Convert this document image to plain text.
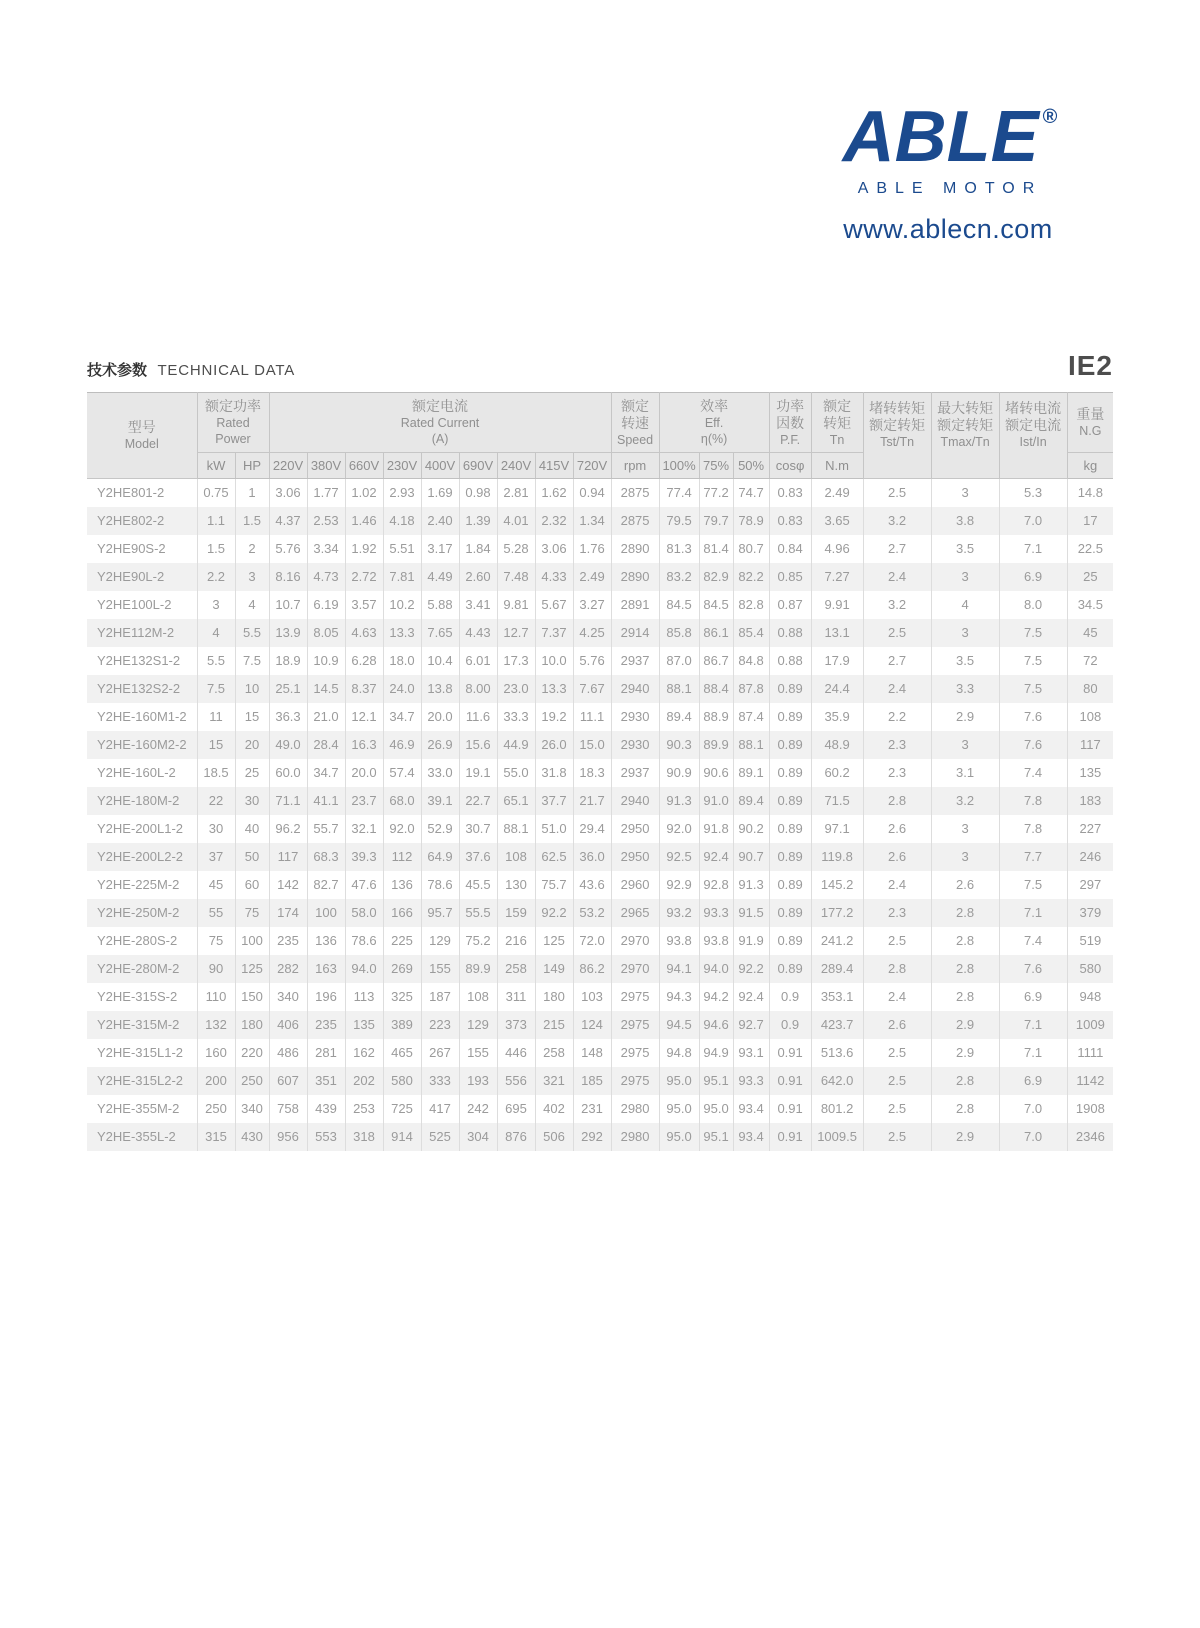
ABLE ®
ABLE MOTOR
www.ablecn.com
技术参数 TECHNICAL DATA	IE2
型号
Model	额定功率
Rated
Power		额定电流
Rated Current
(A)									额定
转速
Speed	效率
Eff.
η(%)			功率
因数
P.F.	额定
转矩
Tn	堵转转矩
额定转矩
Tst/Tn	最大转矩
额定转矩
Tmax/Tn	堵转电流
额定电流
Ist/In	重量
N.G

	kW	HP	220V	380V	660V	230V	400V	690V	240V	415V	720V	rpm	100%	75%	50%	cosφ	N.m				kg
Y2HE801-2	0.75	1	3.06	1.77	1.02	2.93	1.69	0.98	2.81	1.62	0.94	2875	77.4	77.2	74.7	0.83	2.49	2.5	3	5.3	14.8
Y2HE802-2	1.1	1.5	4.37	2.53	1.46	4.18	2.40	1.39	4.01	2.32	1.34	2875	79.5	79.7	78.9	0.83	3.65	3.2	3.8	7.0	17
Y2HE90S-2	1.5	2	5.76	3.34	1.92	5.51	3.17	1.84	5.28	3.06	1.76	2890	81.3	81.4	80.7	0.84	4.96	2.7	3.5	7.1	22.5
Y2HE90L-2	2.2	3	8.16	4.73	2.72	7.81	4.49	2.60	7.48	4.33	2.49	2890	83.2	82.9	82.2	0.85	7.27	2.4	3	6.9	25
Y2HE100L-2	3	4	10.7	6.19	3.57	10.2	5.88	3.41	9.81	5.67	3.27	2891	84.5	84.5	82.8	0.87	9.91	3.2	4	8.0	34.5
Y2HE112M-2	4	5.5	13.9	8.05	4.63	13.3	7.65	4.43	12.7	7.37	4.25	2914	85.8	86.1	85.4	0.88	13.1	2.5	3	7.5	45
Y2HE132S1-2	5.5	7.5	18.9	10.9	6.28	18.0	10.4	6.01	17.3	10.0	5.76	2937	87.0	86.7	84.8	0.88	17.9	2.7	3.5	7.5	72
Y2HE132S2-2	7.5	10	25.1	14.5	8.37	24.0	13.8	8.00	23.0	13.3	7.67	2940	88.1	88.4	87.8	0.89	24.4	2.4	3.3	7.5	80
Y2HE-160M1-2	11	15	36.3	21.0	12.1	34.7	20.0	11.6	33.3	19.2	11.1	2930	89.4	88.9	87.4	0.89	35.9	2.2	2.9	7.6	108
Y2HE-160M2-2	15	20	49.0	28.4	16.3	46.9	26.9	15.6	44.9	26.0	15.0	2930	90.3	89.9	88.1	0.89	48.9	2.3	3	7.6	117
Y2HE-160L-2	18.5	25	60.0	34.7	20.0	57.4	33.0	19.1	55.0	31.8	18.3	2937	90.9	90.6	89.1	0.89	60.2	2.3	3.1	7.4	135
Y2HE-180M-2	22	30	71.1	41.1	23.7	68.0	39.1	22.7	65.1	37.7	21.7	2940	91.3	91.0	89.4	0.89	71.5	2.8	3.2	7.8	183
Y2HE-200L1-2	30	40	96.2	55.7	32.1	92.0	52.9	30.7	88.1	51.0	29.4	2950	92.0	91.8	90.2	0.89	97.1	2.6	3	7.8	227
Y2HE-200L2-2	37	50	117	68.3	39.3	112	64.9	37.6	108	62.5	36.0	2950	92.5	92.4	90.7	0.89	119.8	2.6	3	7.7	246
Y2HE-225M-2	45	60	142	82.7	47.6	136	78.6	45.5	130	75.7	43.6	2960	92.9	92.8	91.3	0.89	145.2	2.4	2.6	7.5	297
Y2HE-250M-2	55	75	174	100	58.0	166	95.7	55.5	159	92.2	53.2	2965	93.2	93.3	91.5	0.89	177.2	2.3	2.8	7.1	379
Y2HE-280S-2	75	100	235	136	78.6	225	129	75.2	216	125	72.0	2970	93.8	93.8	91.9	0.89	241.2	2.5	2.8	7.4	519
Y2HE-280M-2	90	125	282	163	94.0	269	155	89.9	258	149	86.2	2970	94.1	94.0	92.2	0.89	289.4	2.8	2.8	7.6	580
Y2HE-315S-2	110	150	340	196	113	325	187	108	311	180	103	2975	94.3	94.2	92.4	0.9	353.1	2.4	2.8	6.9	948
Y2HE-315M-2	132	180	406	235	135	389	223	129	373	215	124	2975	94.5	94.6	92.7	0.9	423.7	2.6	2.9	7.1	1009
Y2HE-315L1-2	160	220	486	281	162	465	267	155	446	258	148	2975	94.8	94.9	93.1	0.91	513.6	2.5	2.9	7.1	1111
Y2HE-315L2-2	200	250	607	351	202	580	333	193	556	321	185	2975	95.0	95.1	93.3	0.91	642.0	2.5	2.8	6.9	1142
Y2HE-355M-2	250	340	758	439	253	725	417	242	695	402	231	2980	95.0	95.0	93.4	0.91	801.2	2.5	2.8	7.0	1908
Y2HE-355L-2	315	430	956	553	318	914	525	304	876	506	292	2980	95.0	95.1	93.4	0.91	1009.5	2.5	2.9	7.0	2346
